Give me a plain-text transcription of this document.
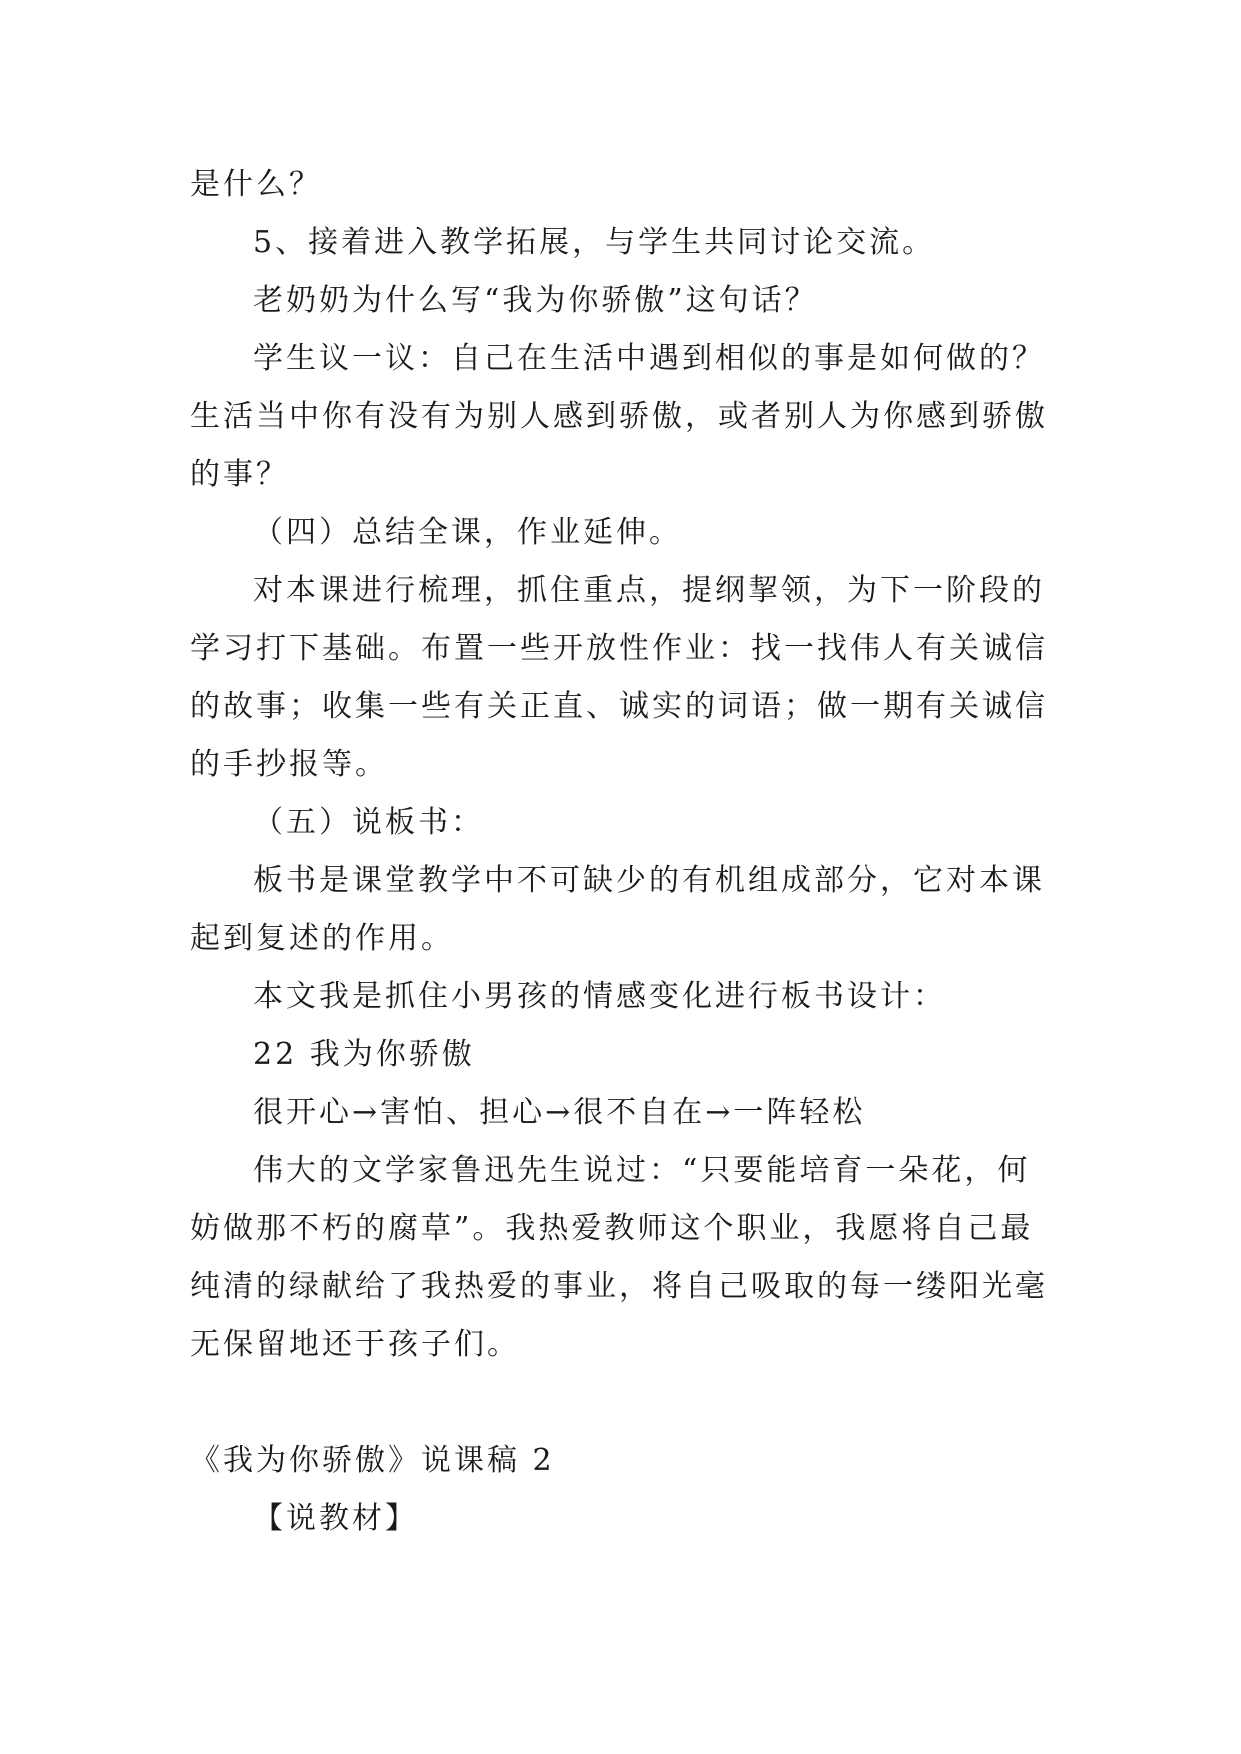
是什么？
5、接着进入教学拓展，与学生共同讨论交流。
老奶奶为什么写“我为你骄傲”这句话？
学生议一议：自己在生活中遇到相似的事是如何做的？
生活当中你有没有为别人感到骄傲，或者别人为你感到骄傲
的事？
（四）总结全课，作业延伸。
对本课进行梳理，抓住重点，提纲挈领，为下一阶段的
学习打下基础。布置一些开放性作业：找一找伟人有关诚信
的故事；收集一些有关正直、诚实的词语；做一期有关诚信
的手抄报等。
（五）说板书：
板书是课堂教学中不可缺少的有机组成部分，它对本课
起到复述的作用。
本文我是抓住小男孩的情感变化进行板书设计：
22 我为你骄傲
很开心→害怕、担心→很不自在→一阵轻松
伟大的文学家鲁迅先生说过：“只要能培育一朵花，何
妨做那不朽的腐草”。我热爱教师这个职业，我愿将自己最
纯清的绿献给了我热爱的事业，将自己吸取的每一缕阳光毫
无保留地还于孩子们。
《我为你骄傲》说课稿 2
【说教材】
